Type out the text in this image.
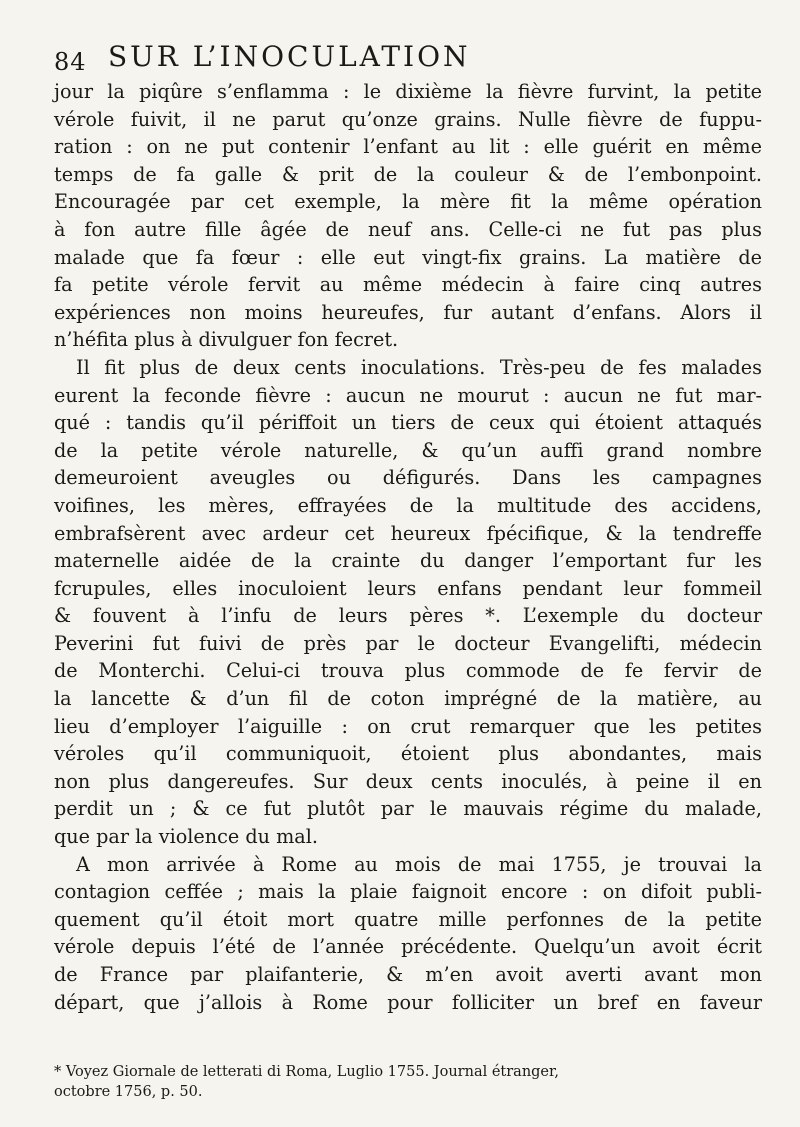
84 SUR L’INOCULATION
jour la piqûre s’enflamma : le dixième la fièvre furvint, la petite
vérole fuivit, il ne parut qu’onze grains. Nulle fièvre de fuppu-
ration : on ne put contenir l’enfant au lit : elle guérit en même
temps de fa galle & prit de la couleur & de l’embonpoint.
Encouragée par cet exemple, la mère fit la même opération
à fon autre fille âgée de neuf ans. Celle-ci ne fut pas plus
malade que fa fœur : elle eut vingt-fix grains. La matière de
fa petite vérole fervit au même médecin à faire cinq autres
expériences non moins heureufes, fur autant d’enfans. Alors il
n’héfita plus à divulguer fon fecret.
Il fit plus de deux cents inoculations. Très-peu de fes malades
eurent la feconde fièvre : aucun ne mourut : aucun ne fut mar-
qué : tandis qu’il périffoit un tiers de ceux qui étoient attaqués
de la petite vérole naturelle, & qu’un auffi grand nombre
demeuroient aveugles ou défigurés. Dans les campagnes
voifines, les mères, effrayées de la multitude des accidens,
embrafsèrent avec ardeur cet heureux fpécifique, & la tendreffe
maternelle aidée de la crainte du danger l’emportant fur les
fcrupules, elles inoculoient leurs enfans pendant leur fommeil
& fouvent à l’infu de leurs pères *. L’exemple du docteur
Peverini fut fuivi de près par le docteur Evangelifti, médecin
de Monterchi. Celui-ci trouva plus commode de fe fervir de
la lancette & d’un fil de coton imprégné de la matière, au
lieu d’employer l’aiguille : on crut remarquer que les petites
véroles qu’il communiquoit, étoient plus abondantes, mais
non plus dangereufes. Sur deux cents inoculés, à peine il en
perdit un ; & ce fut plutôt par le mauvais régime du malade,
que par la violence du mal.
A mon arrivée à Rome au mois de mai 1755, je trouvai la
contagion ceffée ; mais la plaie faignoit encore : on difoit publi-
quement qu’il étoit mort quatre mille perfonnes de la petite
vérole depuis l’été de l’année précédente. Quelqu’un avoit écrit
de France par plaifanterie, & m’en avoit averti avant mon
départ, que j’allois à Rome pour folliciter un bref en faveur
* Voyez Giornale de letterati di Roma, Luglio 1755. Journal étranger,
octobre 1756, p. 50.
